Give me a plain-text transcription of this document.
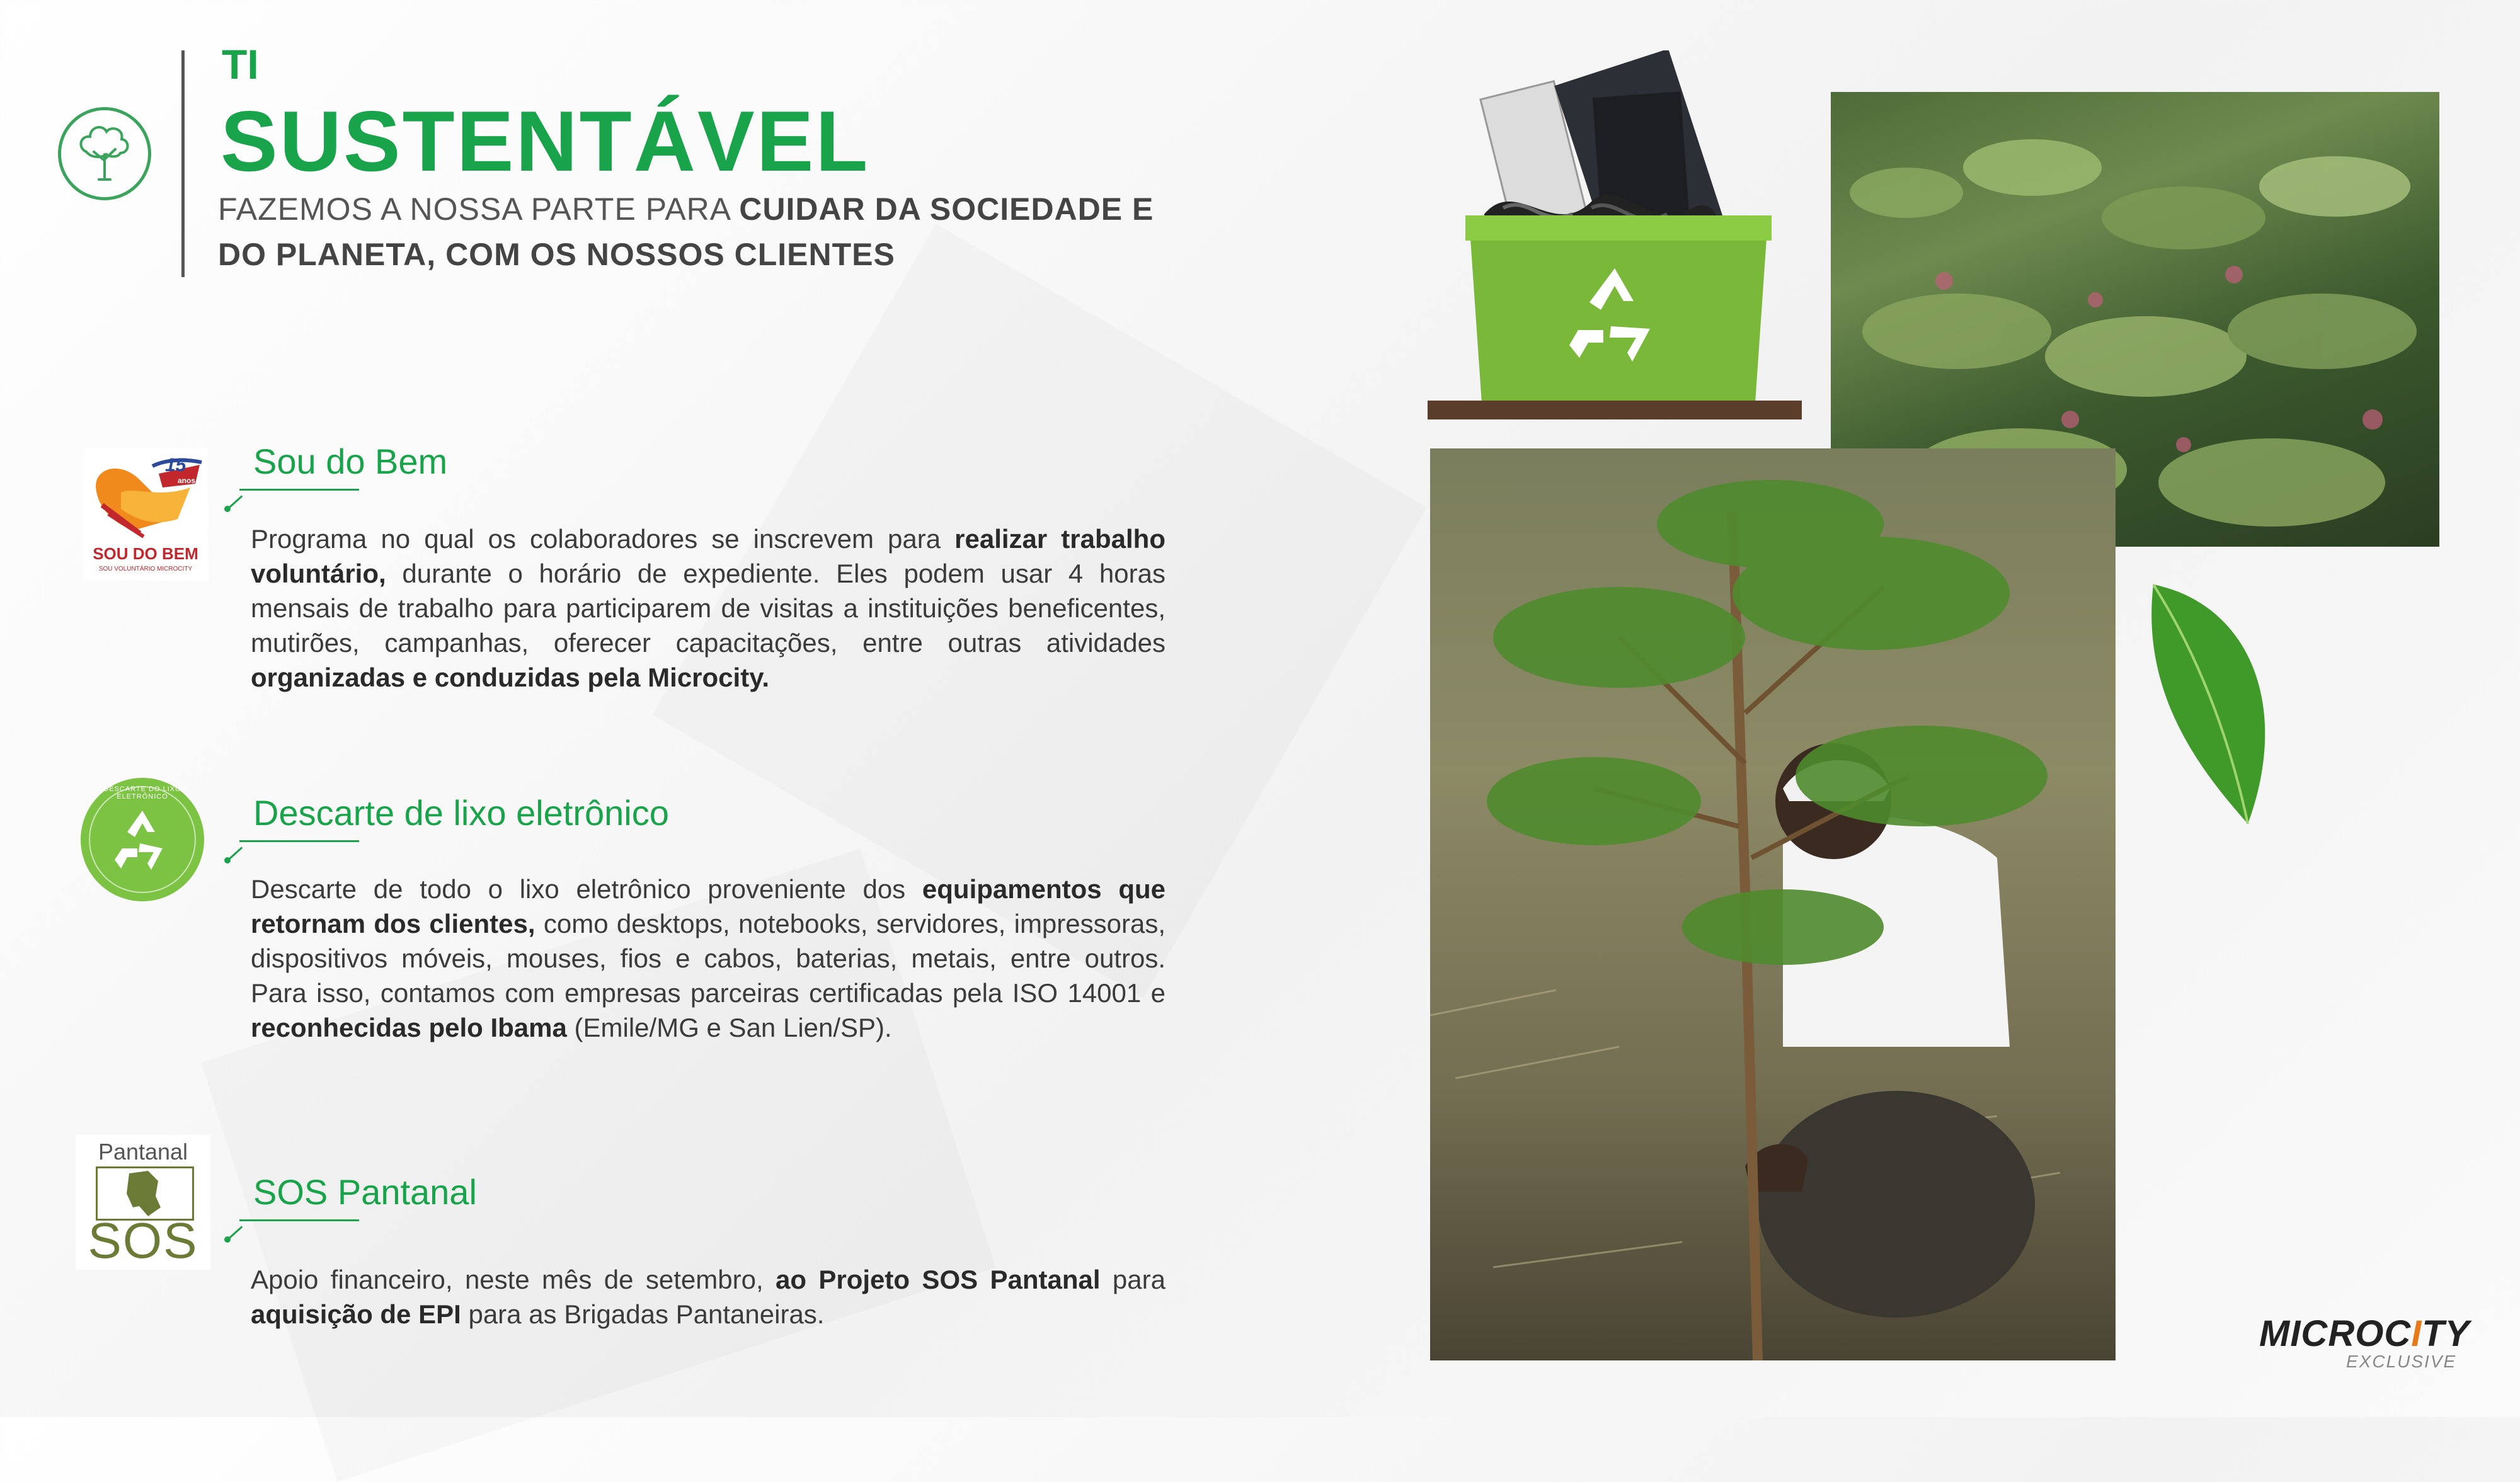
TI
SUSTENTÁVEL
FAZEMOS A NOSSA PARTE PARA CUIDAR DA SOCIEDADE E DO PLANETA, COM OS NOSSOS CLIENTES
15
anos
SOU DO BEM
SOU VOLUNTÁRIO MICROCITY
Sou do Bem
Programa no qual os colaboradores se inscrevem para realizar trabalho voluntário, durante o horário de expediente. Eles podem usar 4 horas mensais de trabalho para participarem de visitas a instituições beneficentes, mutirões, campanhas, oferecer capacitações, entre outras atividades organizadas e conduzidas pela Microcity.
DESCARTE DO LIXO ELETRÔNICO	Descarte de lixo eletrônico
Descarte de todo o lixo eletrônico proveniente dos equipamentos que retornam dos clientes, como desktops, notebooks, servidores, impressoras, dispositivos móveis, mouses, fios e cabos, baterias, metais, entre outros. Para isso, contamos com empresas parceiras certificadas pela ISO 14001 e reconhecidas pelo Ibama (Emile/MG e San Lien/SP).
Pantanal
SOS
SOS Pantanal
Apoio financeiro, neste mês de setembro, ao Projeto SOS Pantanal para aquisição de EPI para as Brigadas Pantaneiras.	MICROCITY
EXCLUSIVE
